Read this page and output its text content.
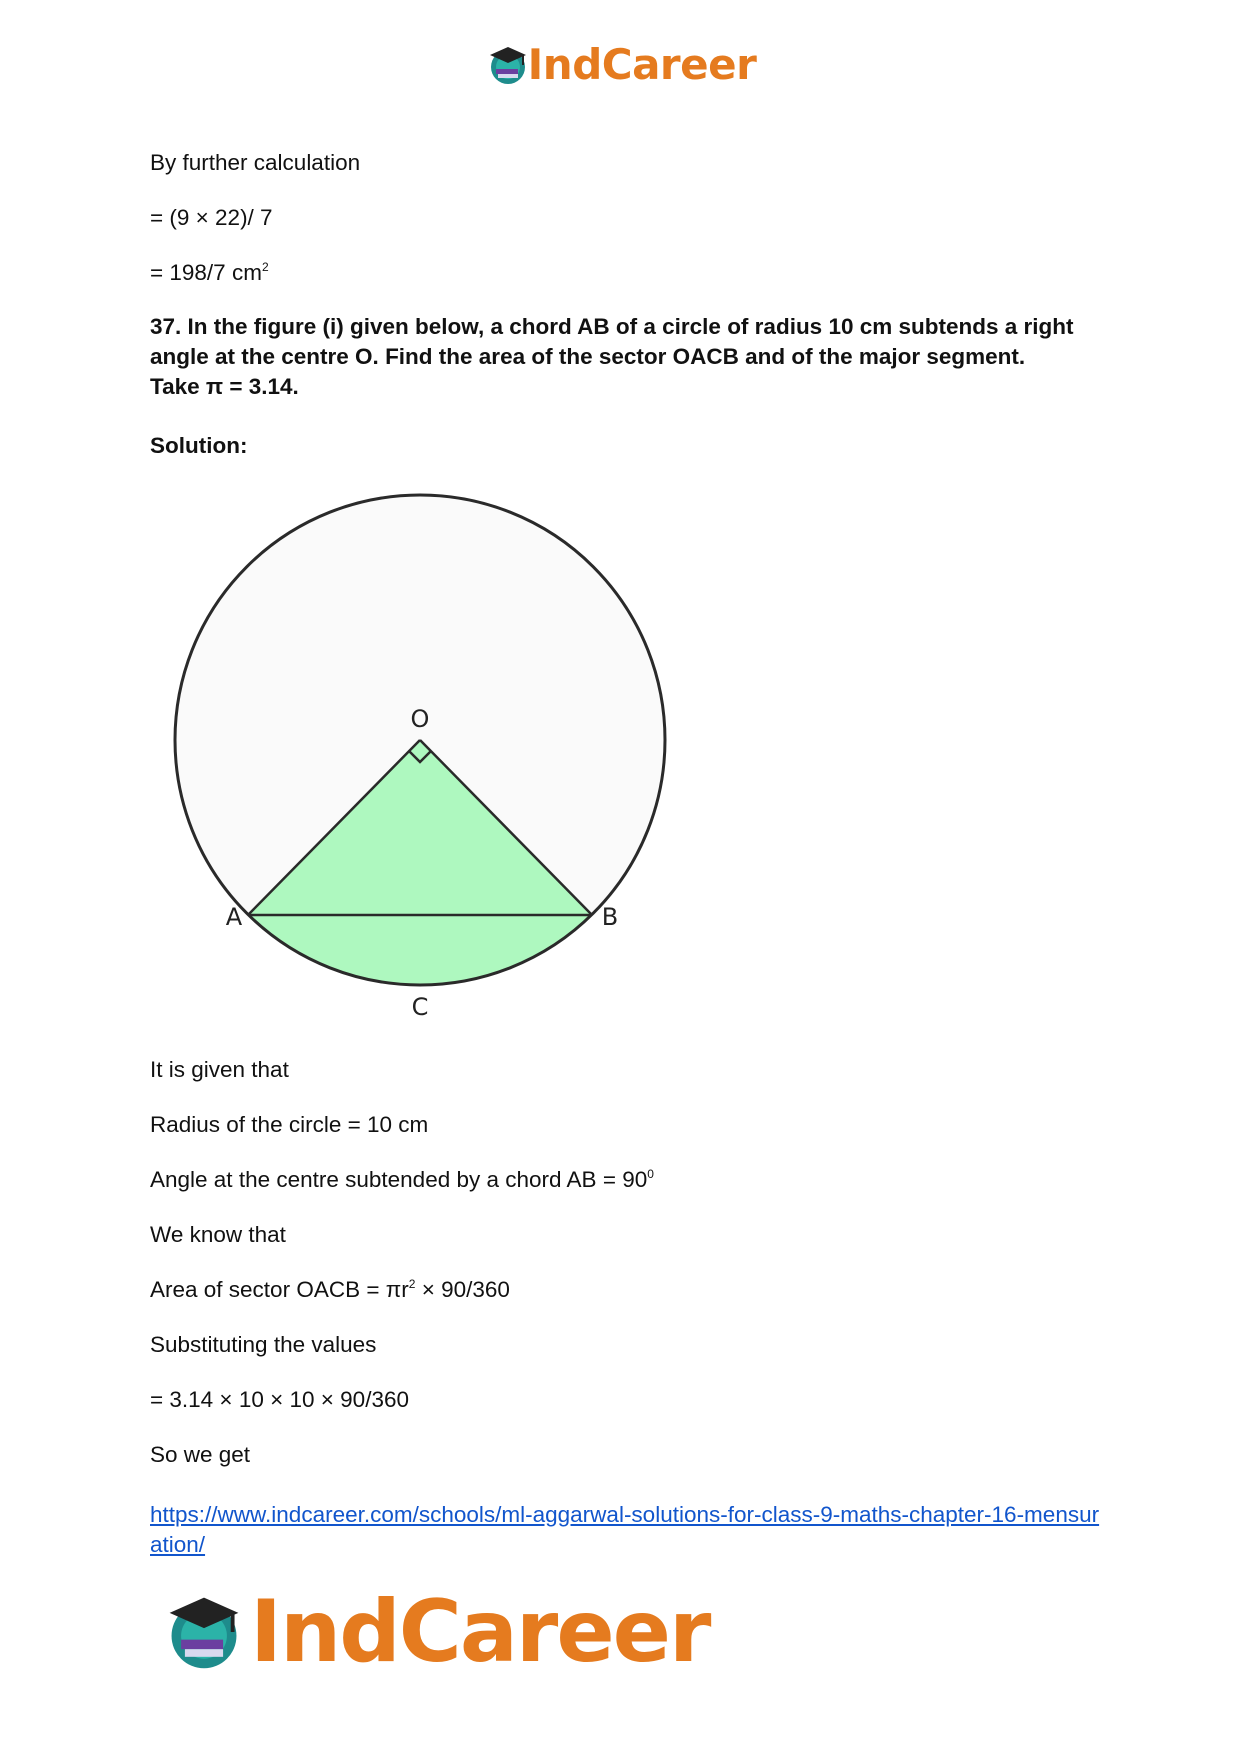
IndCareer

By further calculation

= (9 × 22)/ 7

= 198/7 $cm^2$

37. In the figure (i) given below, a chord AB of a circle of radius 10 cm subtends a right angle at the centre O. Find the area of the sector OACB and of the major segment. Take π = 3.14.

Solution:

It is given that

Radius of the circle = 10 cm

Angle at the centre subtended by a chord AB = $90^0$

We know that

Area of sector OACB = $\pi r^2 \times 90/360$

Substituting the values

= 3.14 × 10 × 10 × 90/360

So we get

https://www.indcareer.com/schools/ml-aggarwal-solutions-for-class-9-maths-chapter-16-mensuration/

O
A	B
C
IndCareer
